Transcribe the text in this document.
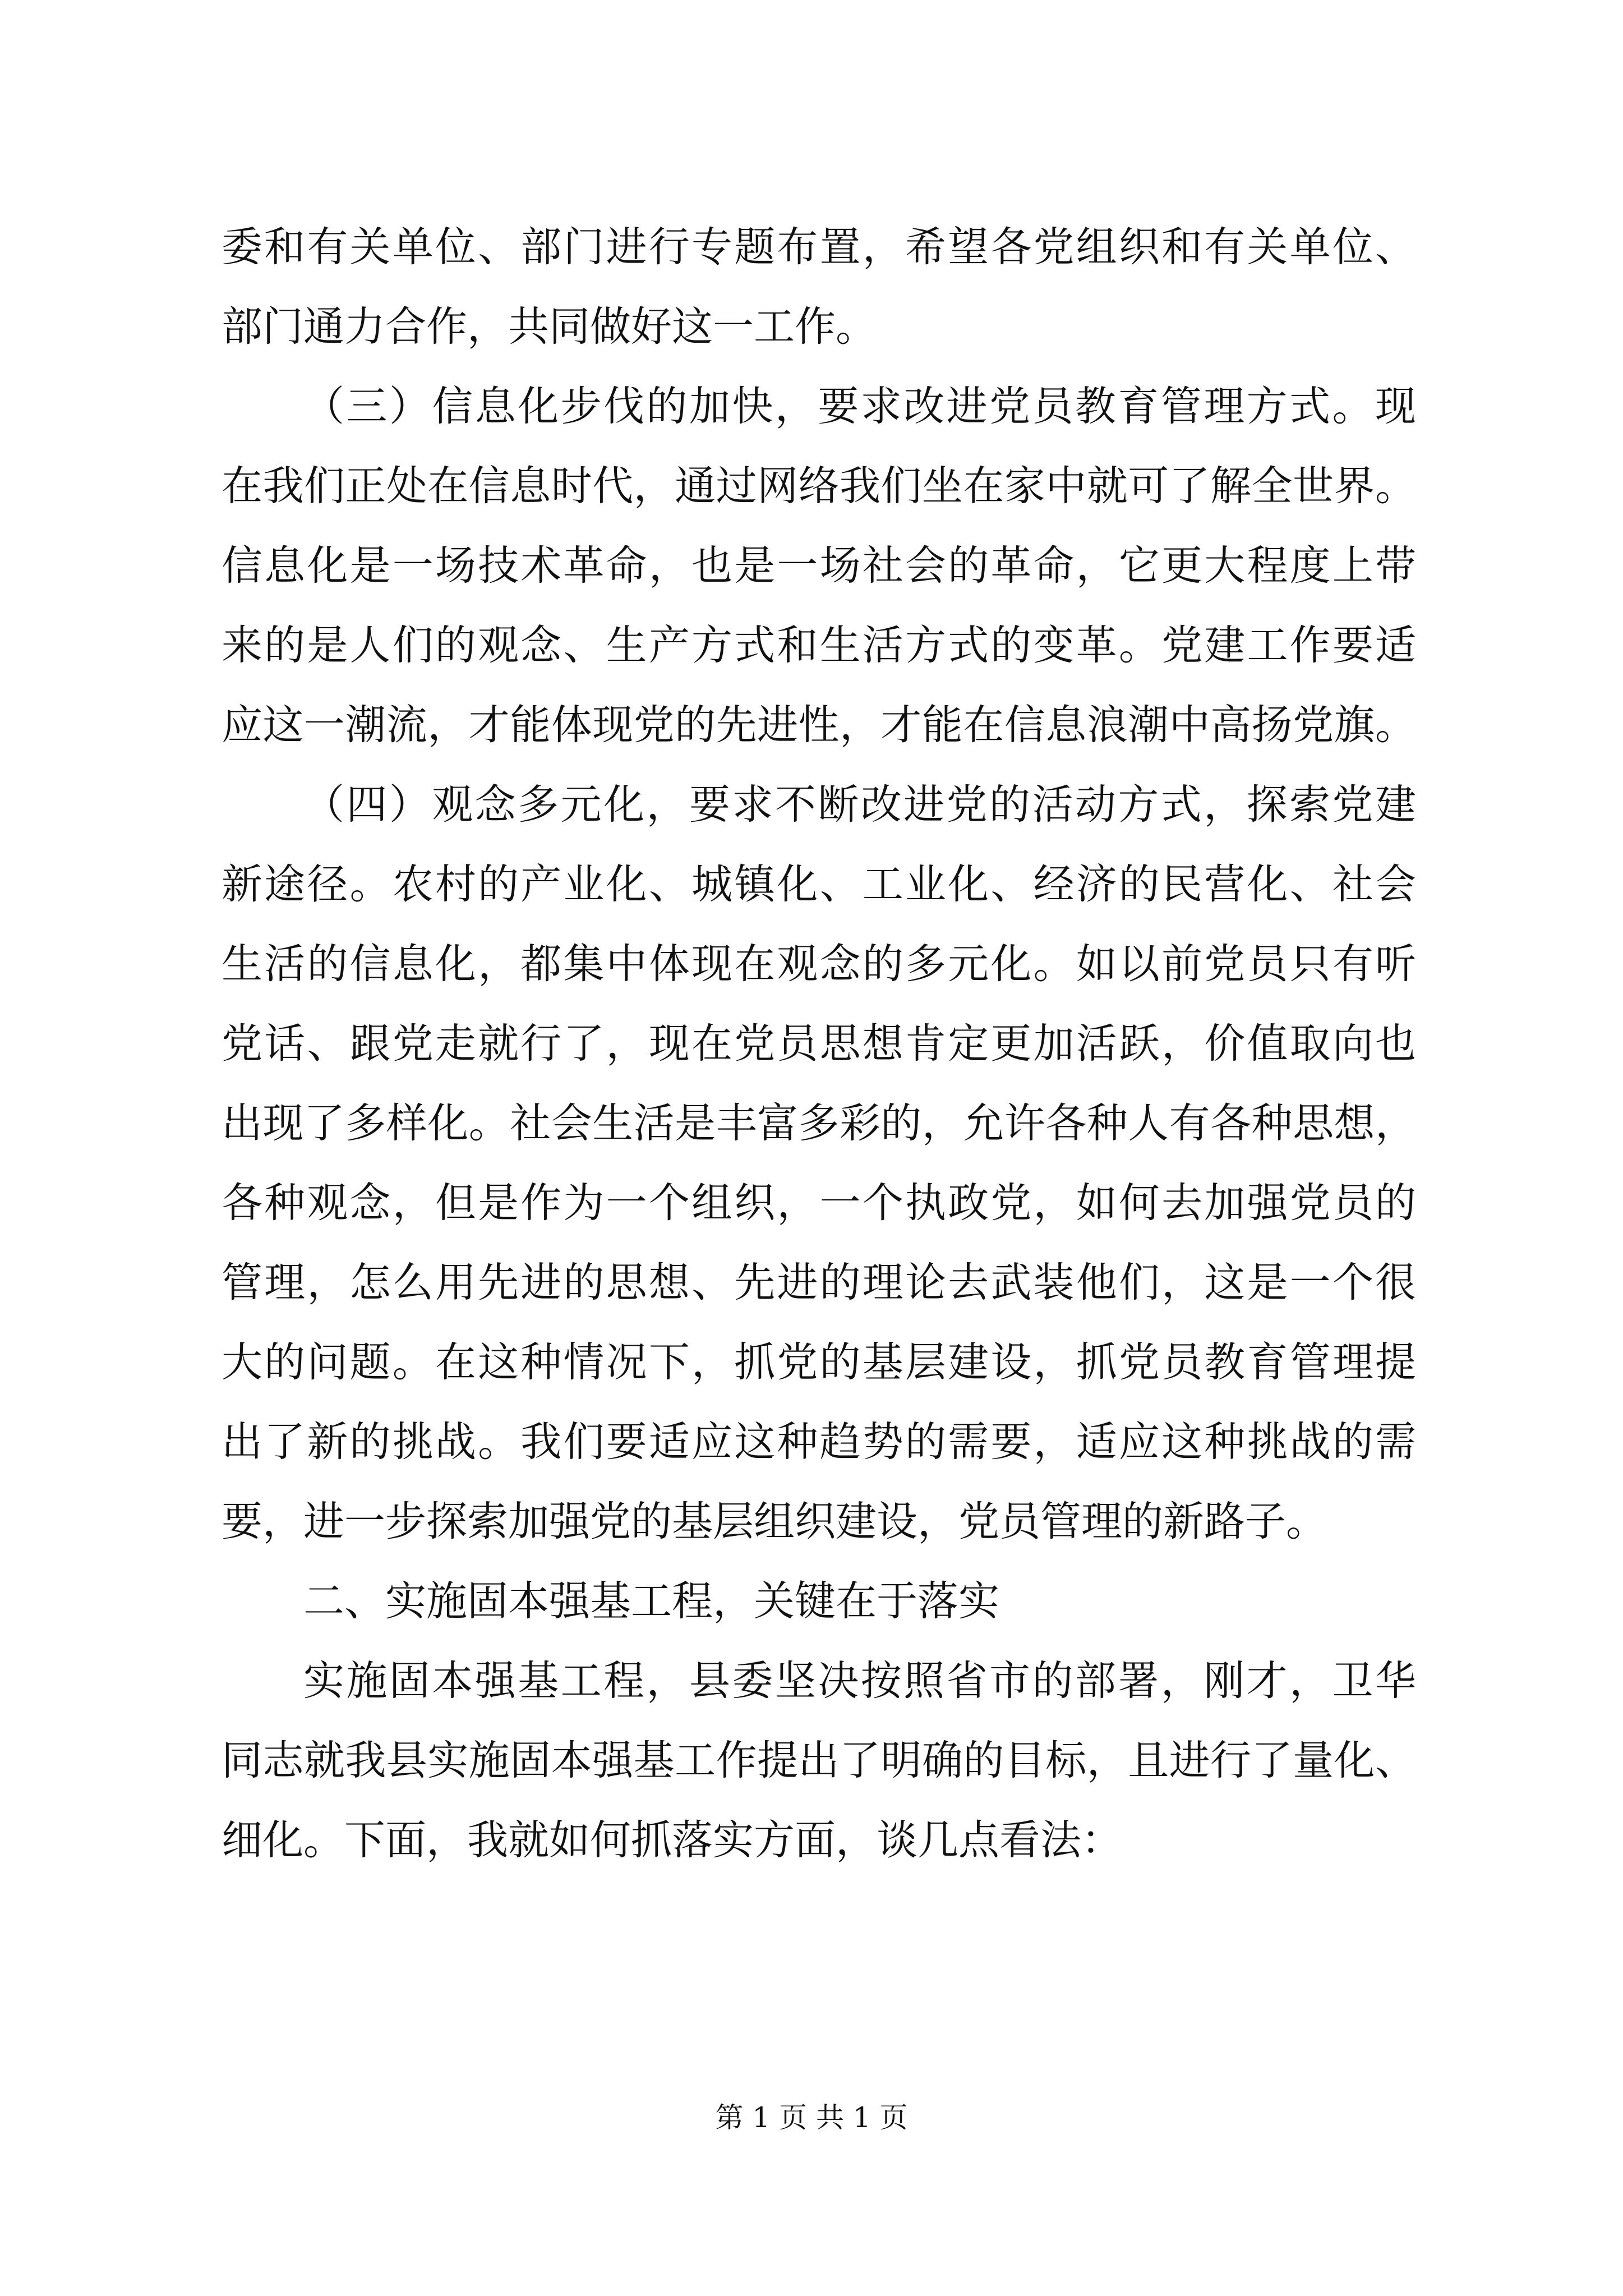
委和有关单位、部门进行专题布置，希望各党组织和有关单位、
部门通力合作，共同做好这一工作。
（三）信息化步伐的加快，要求改进党员教育管理方式。现
在我们正处在信息时代，通过网络我们坐在家中就可了解全世界。
信息化是一场技术革命，也是一场社会的革命，它更大程度上带
来的是人们的观念、生产方式和生活方式的变革。党建工作要适
应这一潮流，才能体现党的先进性，才能在信息浪潮中高扬党旗。
（四）观念多元化，要求不断改进党的活动方式，探索党建
新途径。农村的产业化、城镇化、工业化、经济的民营化、社会
生活的信息化，都集中体现在观念的多元化。如以前党员只有听
党话、跟党走就行了，现在党员思想肯定更加活跃，价值取向也
出现了多样化。社会生活是丰富多彩的，允许各种人有各种思想，
各种观念，但是作为一个组织，一个执政党，如何去加强党员的
管理，怎么用先进的思想、先进的理论去武装他们，这是一个很
大的问题。在这种情况下，抓党的基层建设，抓党员教育管理提
出了新的挑战。我们要适应这种趋势的需要，适应这种挑战的需
要，进一步探索加强党的基层组织建设，党员管理的新路子。
二、实施固本强基工程，关键在于落实
实施固本强基工程，县委坚决按照省市的部署，刚才，卫华
同志就我县实施固本强基工作提出了明确的目标，且进行了量化、
细化。下面，我就如何抓落实方面，谈几点看法：
第 1 页 共 1 页
